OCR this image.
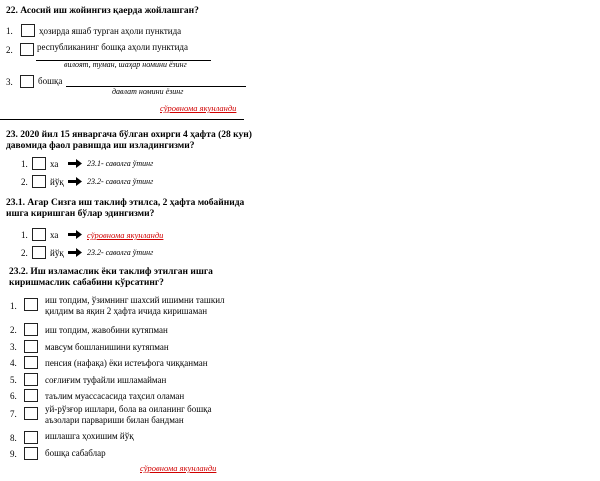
22. Асосий иш жойингиз қаерда жойлашган?
1.	ҳозирда яшаб турган аҳоли пунктида
2.	республиканинг бошқа аҳоли пунктида
вилоят, туман, шаҳар номини ёзинг
3.	бошқа
давлат номини ёзинг
сўровнома якунланди
23. 2020 йил 15 январгача бўлган охирги 4 ҳафта (28 кун)
давомида фаол равишда иш изладингизми?
1. ха	23.1- саволга ўтинг
2. йўқ	23.2- саволга ўтинг
23.1. Агар Сизга иш таклиф этилса, 2 ҳафта мобайнида
ишга киришган бўлар эдингизми?
1. ха	сўровнома якунланди
2. йўқ	23.2- саволга ўтинг
23.2. Иш изламаслик ёки таклиф этилган ишга
киришмаслик сабабини кўрсатинг?
1.
иш топдим, ўзимнинг шахсий ишимни ташкил
қилдим ва яқин 2 ҳафта ичида киришаман
2.	иш топдим, жавобини кутяпман
3.	мавсум бошланишини кутяпман
4.	пенсия (нафақа) ёки истеъфога чиққанман
5.	соғлиғим туфайли ишламайман
6.	таълим муассасасида таҳсил оламан
7.	уй-рўзғор ишлари, бола ва оиланинг бошқа
аъзолари парвариши билан бандман
8.	ишлашга ҳохишим йўқ
9.	бошқа сабаблар
сўровнома якунланди
